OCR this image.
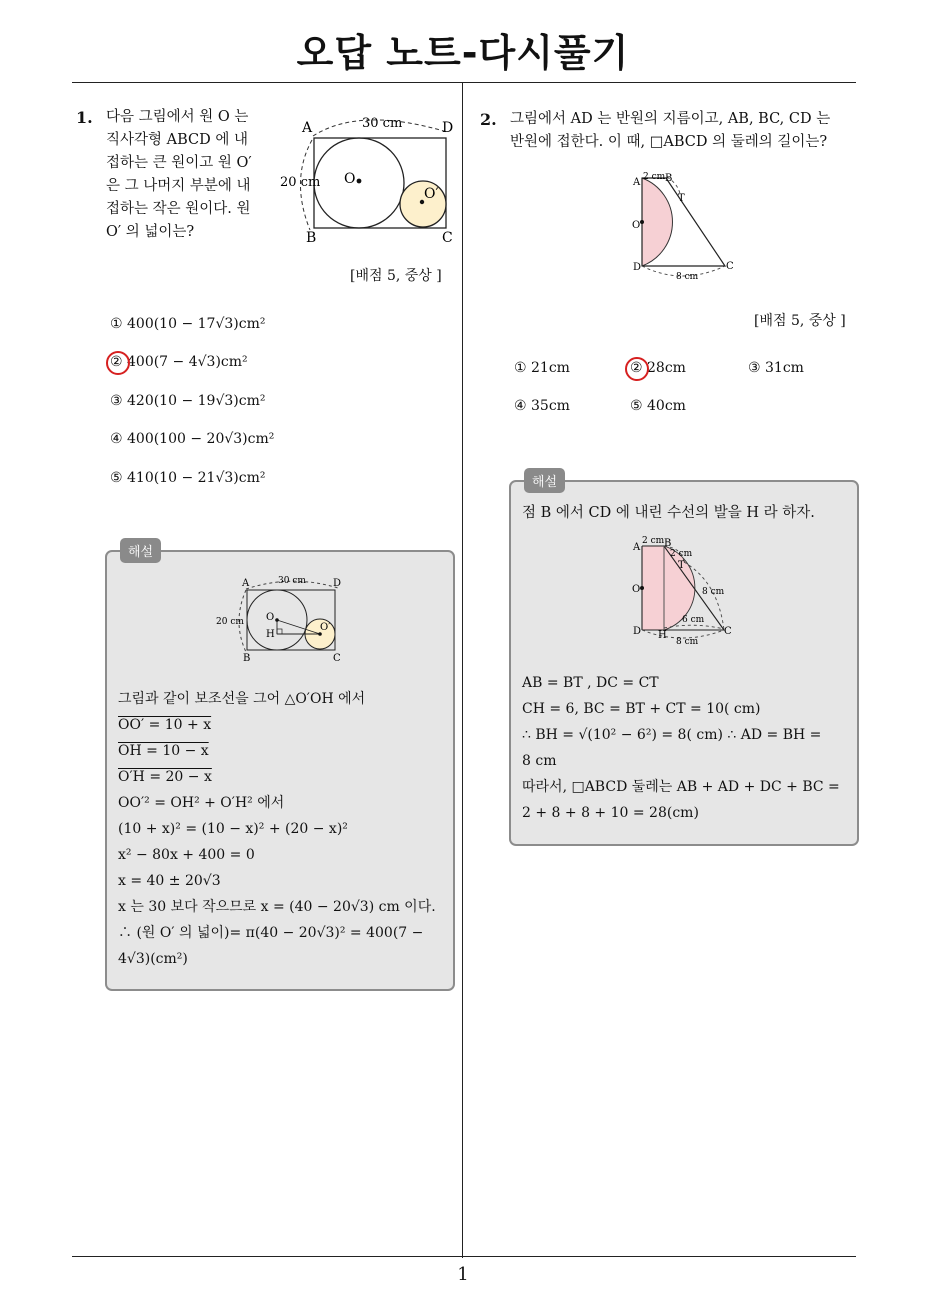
오답 노트-다시풀기
1
1. 다음 그림에서 원 O 는
직사각형 ABCD 에 내
접하는 큰 원이고 원 O′
은 그 나머지 부분에 내
접하는 작은 원이다. 원
O′ 의 넓이는?
A	D
B	C
O
O′
30 cm
20 cm
[배점 5, 중상 ]
① 400(10 − 17√3)cm²
② 400(7 − 4√3)cm²
③ 420(10 − 19√3)cm²
④ 400(100 − 20√3)cm²
⑤ 410(10 − 21√3)cm²
해설
A	D
B	C
O
O′
H
30 cm
20 cm
그림과 같이 보조선을 그어 △O′OH 에서
OO′ = 10 + x
OH = 10 − x
O′H = 20 − x
OO′² = OH² + O′H² 에서
(10 + x)² = (10 − x)² + (20 − x)²
x² − 80x + 400 = 0
x = 40 ± 20√3
x 는 30 보다 작으므로 x = (40 − 20√3) cm 이다.
∴ (원 O′ 의 넓이)= π(40 − 20√3)² = 400(7 −
4√3)(cm²)
2. 그림에서 AD 는 반원의 지름이고, AB, BC, CD 는
반원에 접한다. 이 때, □ABCD 의 둘레의 길이는?
A B
T
C
D
O
2 cm
8 cm
[배점 5, 중상 ]
① 21cm	② 28cm	③ 31cm
④ 35cm	⑤ 40cm
해설
점 B 에서 CD 에 내린 수선의 발을 H 라 하자.
A B
T
C
D H
O
2 cm
2 cm
8 cm
6 cm
8 cm
AB = BT , DC = CT
CH = 6, BC = BT + CT = 10( cm)
∴ BH = √(10² − 6²) = 8( cm) ∴ AD = BH =
8 cm
따라서, □ABCD 둘레는 AB + AD + DC + BC =
2 + 8 + 8 + 10 = 28(cm)
